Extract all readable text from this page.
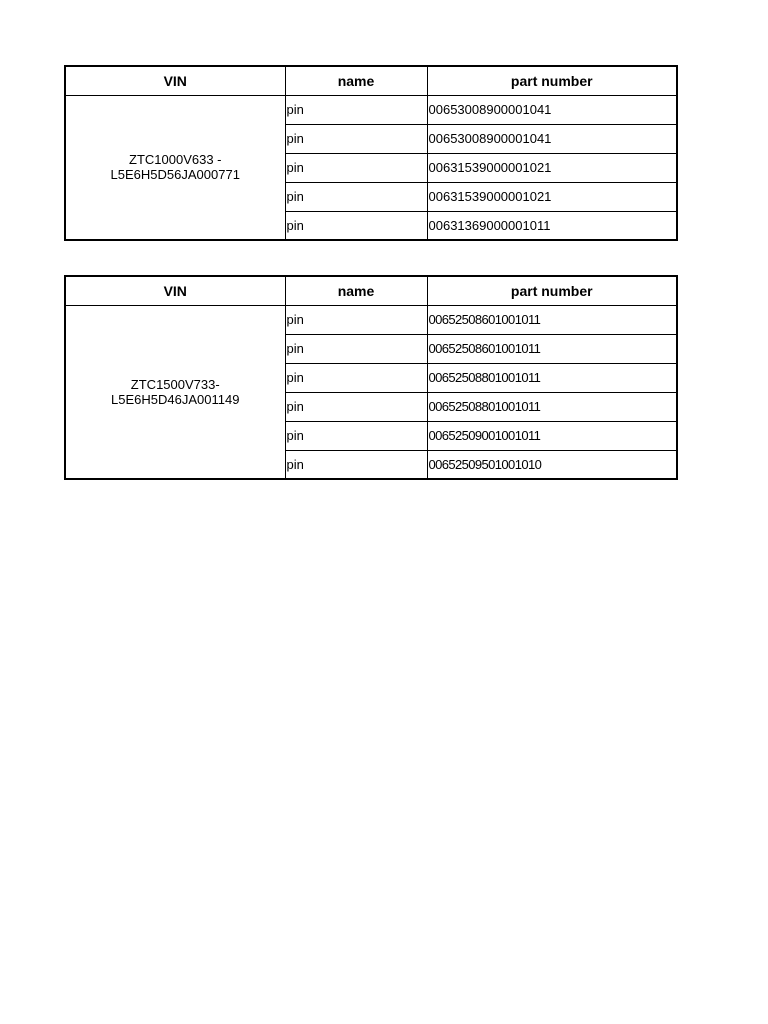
VIN	name	part number

ZTC1000V633 -
L5E6H5D56JA000771	pin	00653008900001041
	pin	00653008900001041
	pin	00631539000001021
	pin	00631539000001021
	pin	00631369000001011
VIN	name	part number

ZTC1500V733-
L5E6H5D46JA001149	pin	00652508601001011
	pin	00652508601001011
	pin	00652508801001011
	pin	00652508801001011
	pin	00652509001001011
	pin	00652509501001010
